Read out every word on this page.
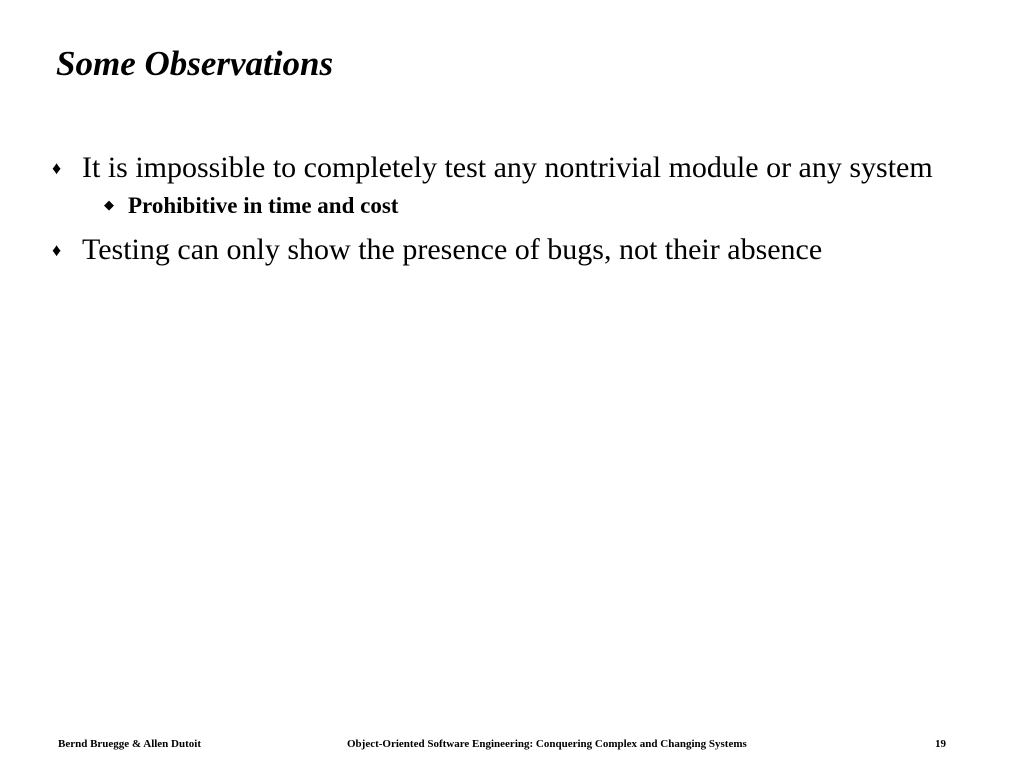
Some Observations
♦ It is impossible to completely test any nontrivial module or any system
◆ Prohibitive in time and cost
♦ Testing can only show the presence of bugs, not their absence
Bernd Bruegge & Allen Dutoit	Object-Oriented Software Engineering: Conquering Complex and Changing Systems	19
